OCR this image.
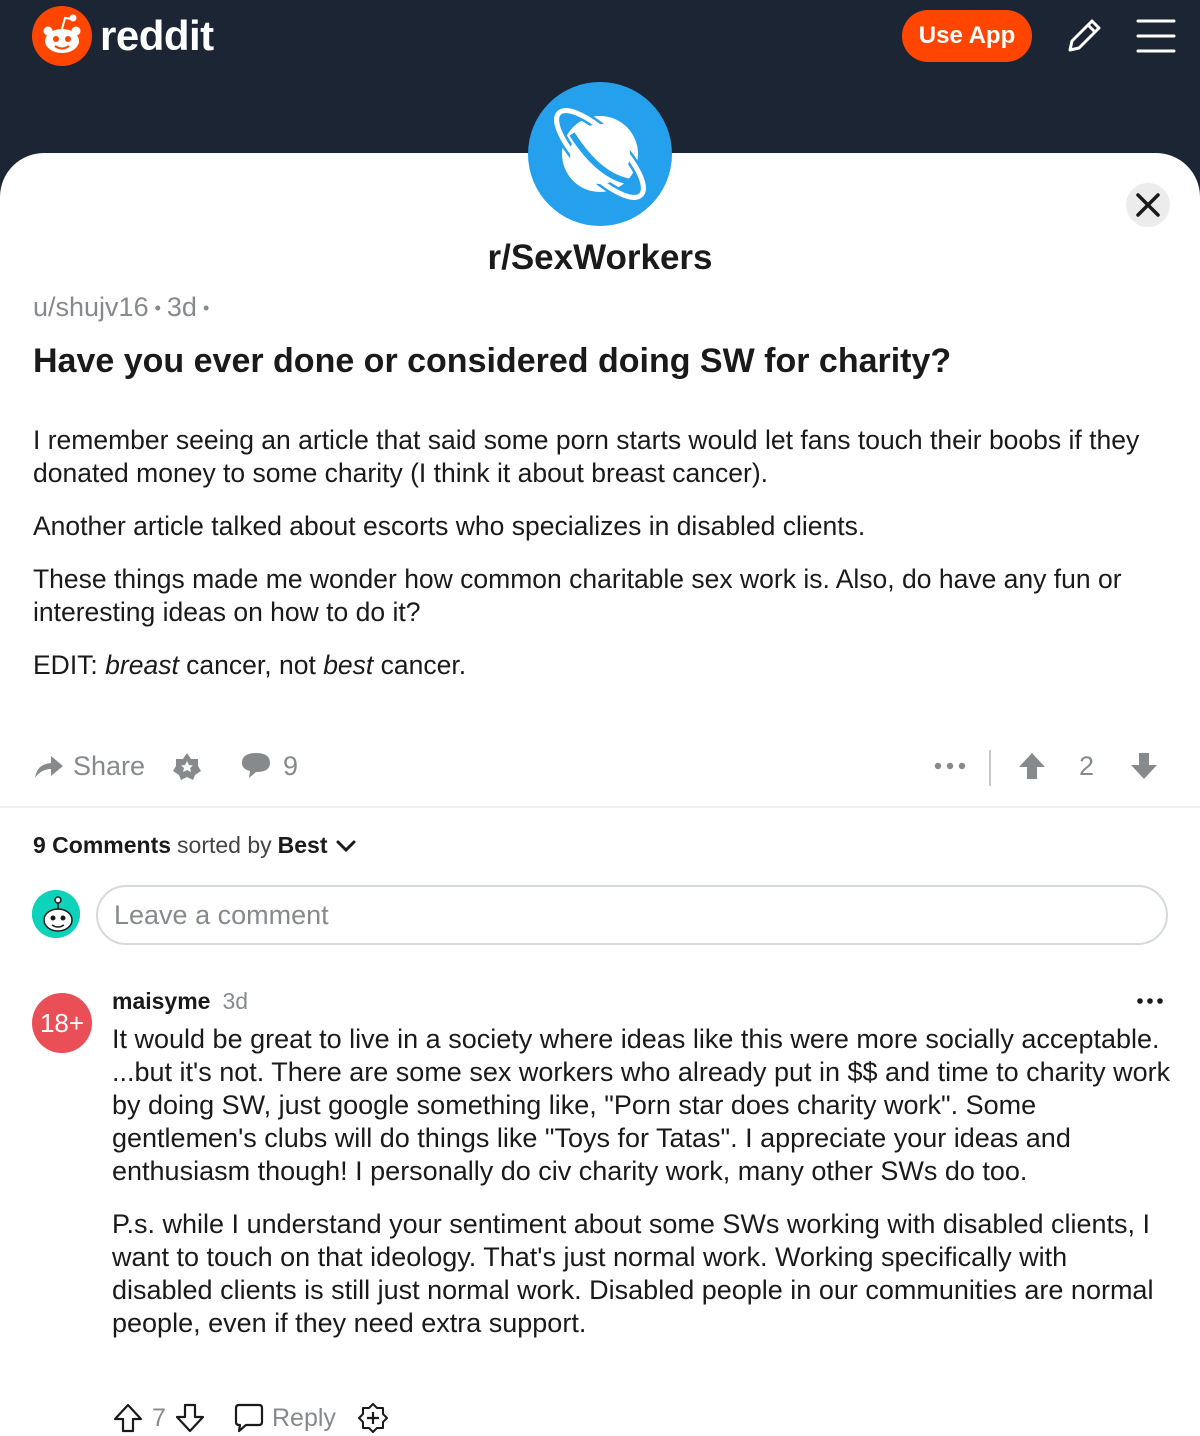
reddit	Use App
r/SexWorkers
u/shujv16 • 3d •
Have you ever done or considered doing SW for charity?

I remember seeing an article that said some porn starts would let fans touch their boobs if they donated money to some charity (I think it about breast cancer).

Another article talked about escorts who specializes in disabled clients.

These things made me wonder how common charitable sex work is. Also, do have any fun or interesting ideas on how to do it?

EDIT: breast cancer, not best cancer.

Share	9	2
9 Comments sorted by Best
Leave a comment
18+
maisyme 3d

It would be great to live in a society where ideas like this were more socially acceptable. ...but it's not. There are some sex workers who already put in $$ and time to charity work by doing SW, just google something like, "Porn star does charity work". Some gentlemen's clubs will do things like "Toys for Tatas". I appreciate your ideas and enthusiasm though! I personally do civ charity work, many other SWs do too.

P.s. while I understand your sentiment about some SWs working with disabled clients, I want to touch on that ideology. That's just normal work. Working specifically with disabled clients is still just normal work. Disabled people in our communities are normal people, even if they need extra support.

7	Reply
